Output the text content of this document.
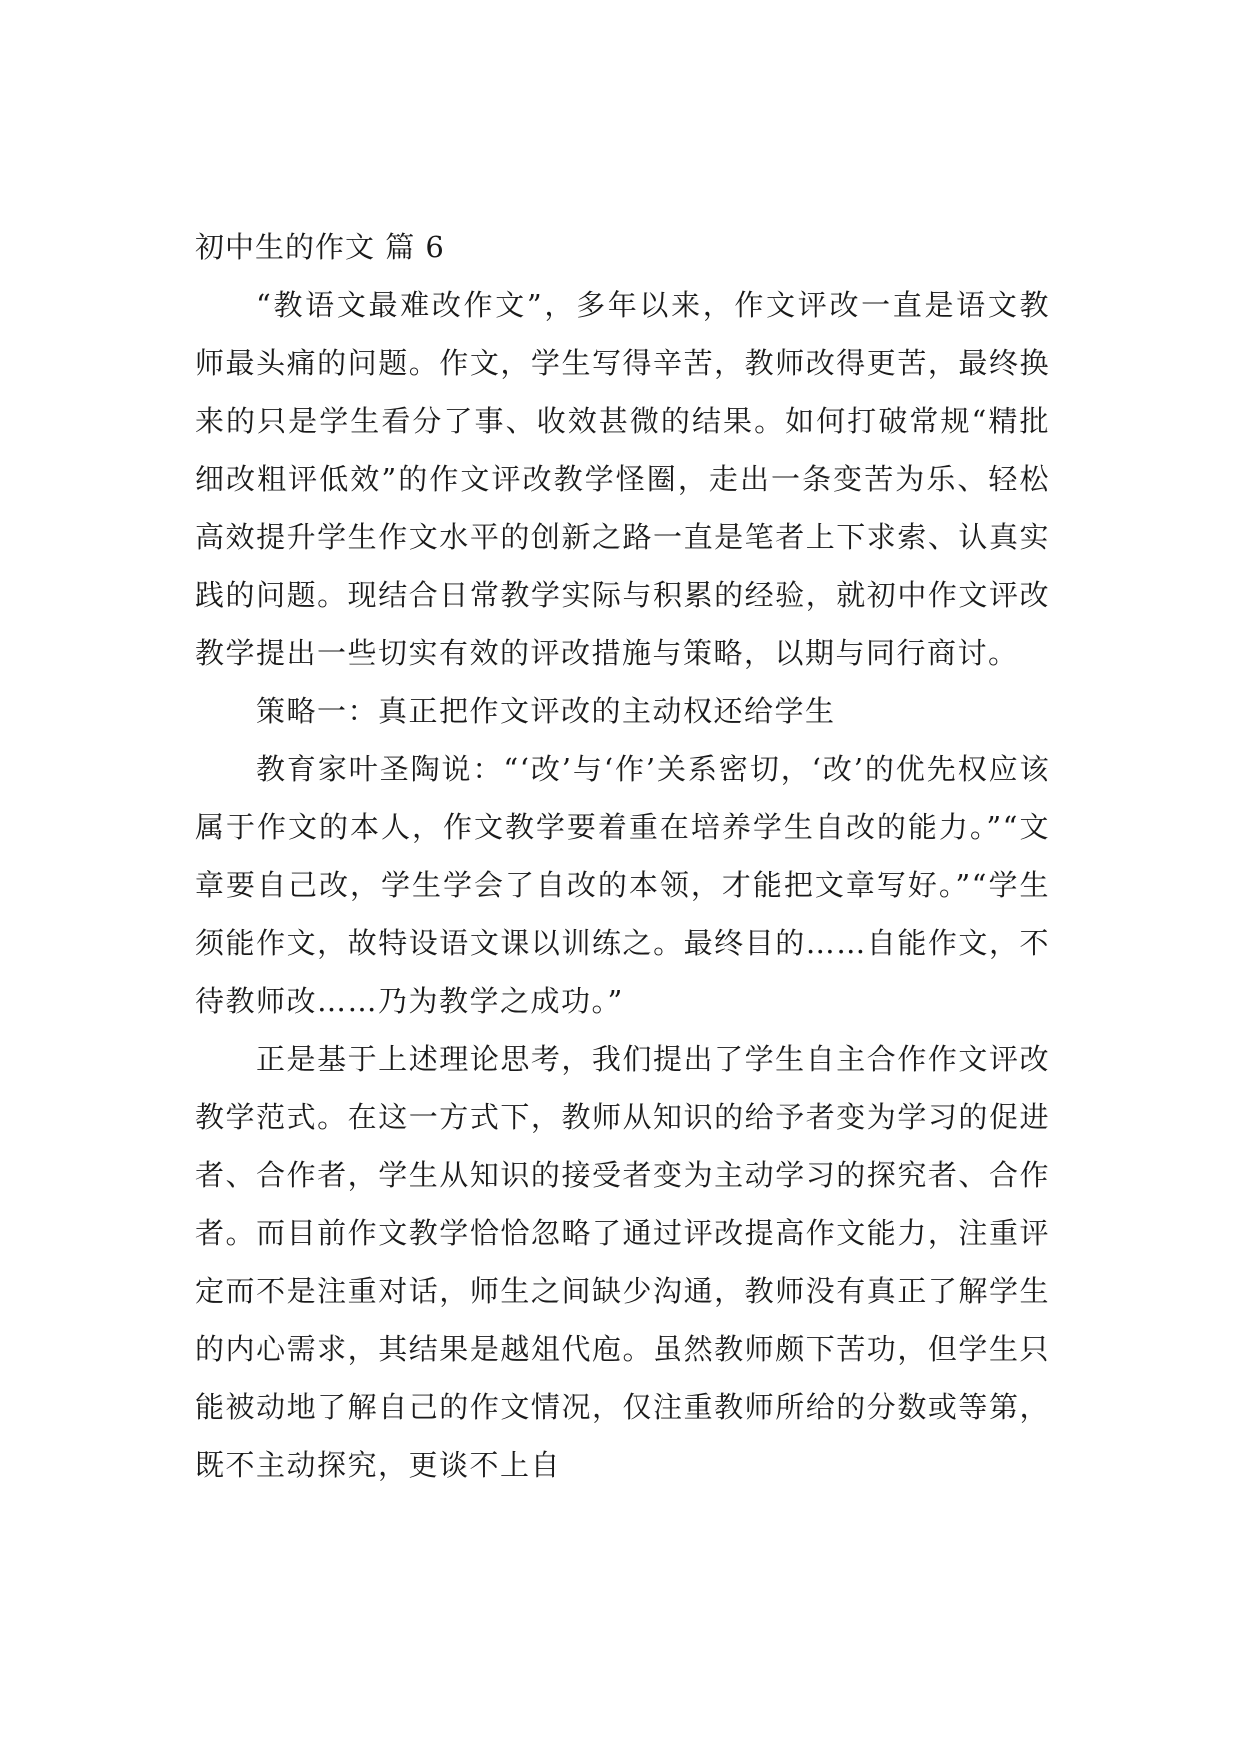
初中生的作文 篇 6

“教语文最难改作文”，多年以来，作文评改一直是语文教师最头痛的问题。作文，学生写得辛苦，教师改得更苦，最终换来的只是学生看分了事、收效甚微的结果。如何打破常规“精批细改粗评低效”的作文评改教学怪圈，走出一条变苦为乐、轻松高效提升学生作文水平的创新之路一直是笔者上下求索、认真实践的问题。现结合日常教学实际与积累的经验，就初中作文评改教学提出一些切实有效的评改措施与策略，以期与同行商讨。

策略一：真正把作文评改的主动权还给学生

教育家叶圣陶说：“‘改’与‘作’关系密切，‘改’的优先权应该属于作文的本人，作文教学要着重在培养学生自改的能力。”“文章要自己改，学生学会了自改的本领，才能把文章写好。”“学生须能作文，故特设语文课以训练之。最终目的……自能作文，不待教师改……乃为教学之成功。”

正是基于上述理论思考，我们提出了学生自主合作作文评改教学范式。在这一方式下，教师从知识的给予者变为学习的促进者、合作者，学生从知识的接受者变为主动学习的探究者、合作者。而目前作文教学恰恰忽略了通过评改提高作文能力，注重评定而不是注重对话，师生之间缺少沟通，教师没有真正了解学生的内心需求，其结果是越俎代庖。虽然教师颇下苦功，但学生只能被动地了解自己的作文情况，仅注重教师所给的分数或等第，既不主动探究，更谈不上自
